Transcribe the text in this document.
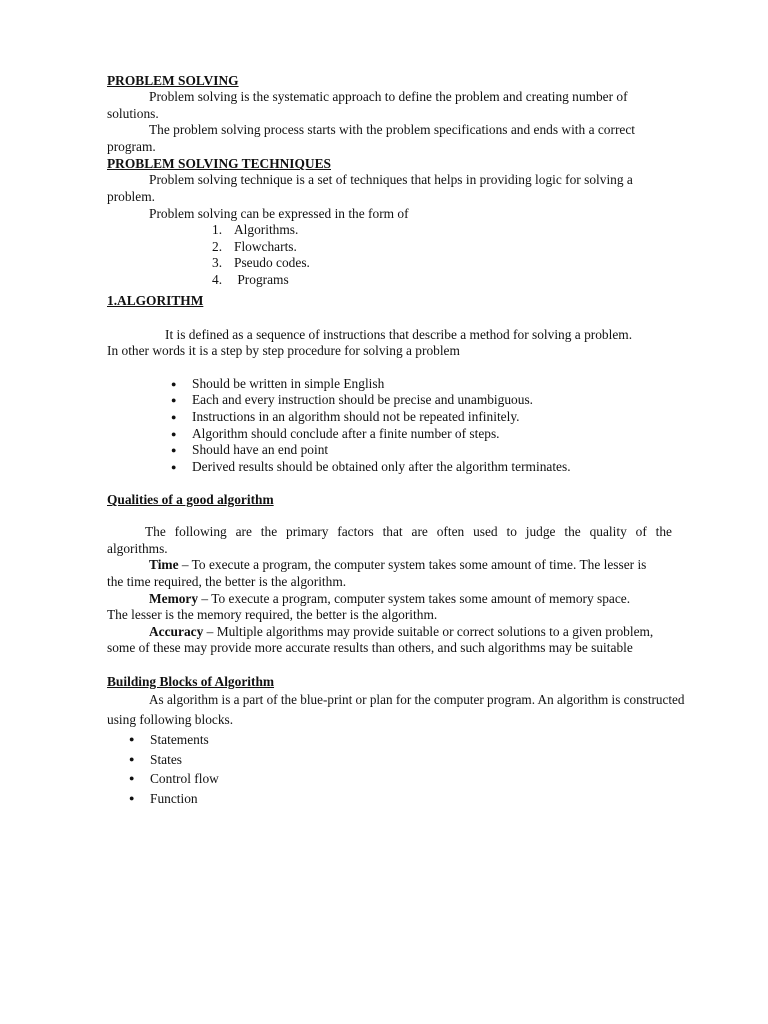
PROBLEM SOLVING

Problem solving is the systematic approach to define the problem and creating number of

solutions.

The problem solving process starts with the problem specifications and ends with a correct

program.

PROBLEM SOLVING TECHNIQUES

Problem solving technique is a set of techniques that helps in providing logic for solving a

problem.

Problem solving can be expressed in the form of

1. Algorithms.
2. Flowcharts.
3. Pseudo codes.
4. Programs
1.ALGORITHM

It is defined as a sequence of instructions that describe a method for solving a problem.

In other words it is a step by step procedure for solving a problem

● Should be written in simple English
● Each and every instruction should be precise and unambiguous.
● Instructions in an algorithm should not be repeated infinitely.
● Algorithm should conclude after a finite number of steps.
● Should have an end point
● Derived results should be obtained only after the algorithm terminates.
Qualities of a good algorithm

The following are the primary factors that are often used to judge the quality of the

algorithms.

Time – To execute a program, the computer system takes some amount of time. The lesser is

the time required, the better is the algorithm.

Memory – To execute a program, computer system takes some amount of memory space.

The lesser is the memory required, the better is the algorithm.

Accuracy – Multiple algorithms may provide suitable or correct solutions to a given problem,

some of these may provide more accurate results than others, and such algorithms may be suitable

Building Blocks of Algorithm

As algorithm is a part of the blue-print or plan for the computer program. An algorithm is constructed

using following blocks.

● Statements
● States
● Control flow
● Function
